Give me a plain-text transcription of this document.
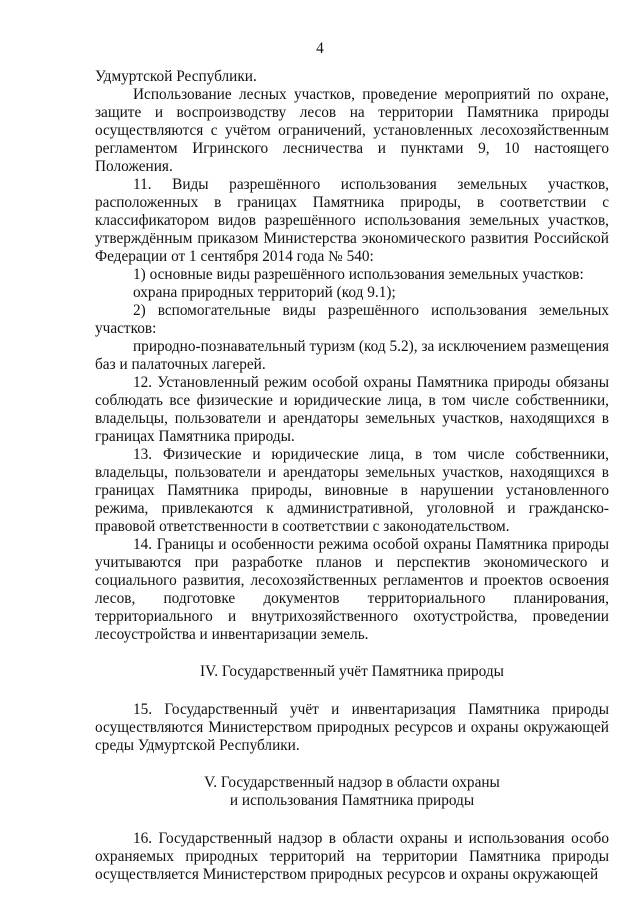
4

Удмуртской Республики.

Использование лесных участков, проведение мероприятий по охране, защите и воспроизводству лесов на территории Памятника природы осуществляются с учётом ограничений, установленных лесохозяйственным регламентом Игринского лесничества и пунктами 9, 10 настоящего Положения.

11. Виды разрешённого использования земельных участков, расположенных в границах Памятника природы, в соответствии с классификатором видов разрешённого использования земельных участков, утверждённым приказом Министерства экономического развития Российской Федерации от 1 сентября 2014 года № 540:

1) основные виды разрешённого использования земельных участков:

охрана природных территорий (код 9.1);

2) вспомогательные виды разрешённого использования земельных участков:

природно-познавательный туризм (код 5.2), за исключением размещения баз и палаточных лагерей.

12. Установленный режим особой охраны Памятника природы обязаны соблюдать все физические и юридические лица, в том числе собственники, владельцы, пользователи и арендаторы земельных участков, находящихся в границах Памятника природы.

13. Физические и юридические лица, в том числе собственники, владельцы, пользователи и арендаторы земельных участков, находящихся в границах Памятника природы, виновные в нарушении установленного режима, привлекаются к административной, уголовной и гражданско-правовой ответственности в соответствии с законодательством.

14. Границы и особенности режима особой охраны Памятника природы учитываются при разработке планов и перспектив экономического и социального развития, лесохозяйственных регламентов и проектов освоения лесов, подготовке документов территориального планирования, территориального и внутрихозяйственного охотустройства, проведении лесоустройства и инвентаризации земель.

IV. Государственный учёт Памятника природы

15. Государственный учёт и инвентаризация Памятника природы осуществляются Министерством природных ресурсов и охраны окружающей среды Удмуртской Республики.

V. Государственный надзор в области охраны

и использования Памятника природы

16. Государственный надзор в области охраны и использования особо охраняемых природных территорий на территории Памятника природы осуществляется Министерством природных ресурсов и охраны окружающей
